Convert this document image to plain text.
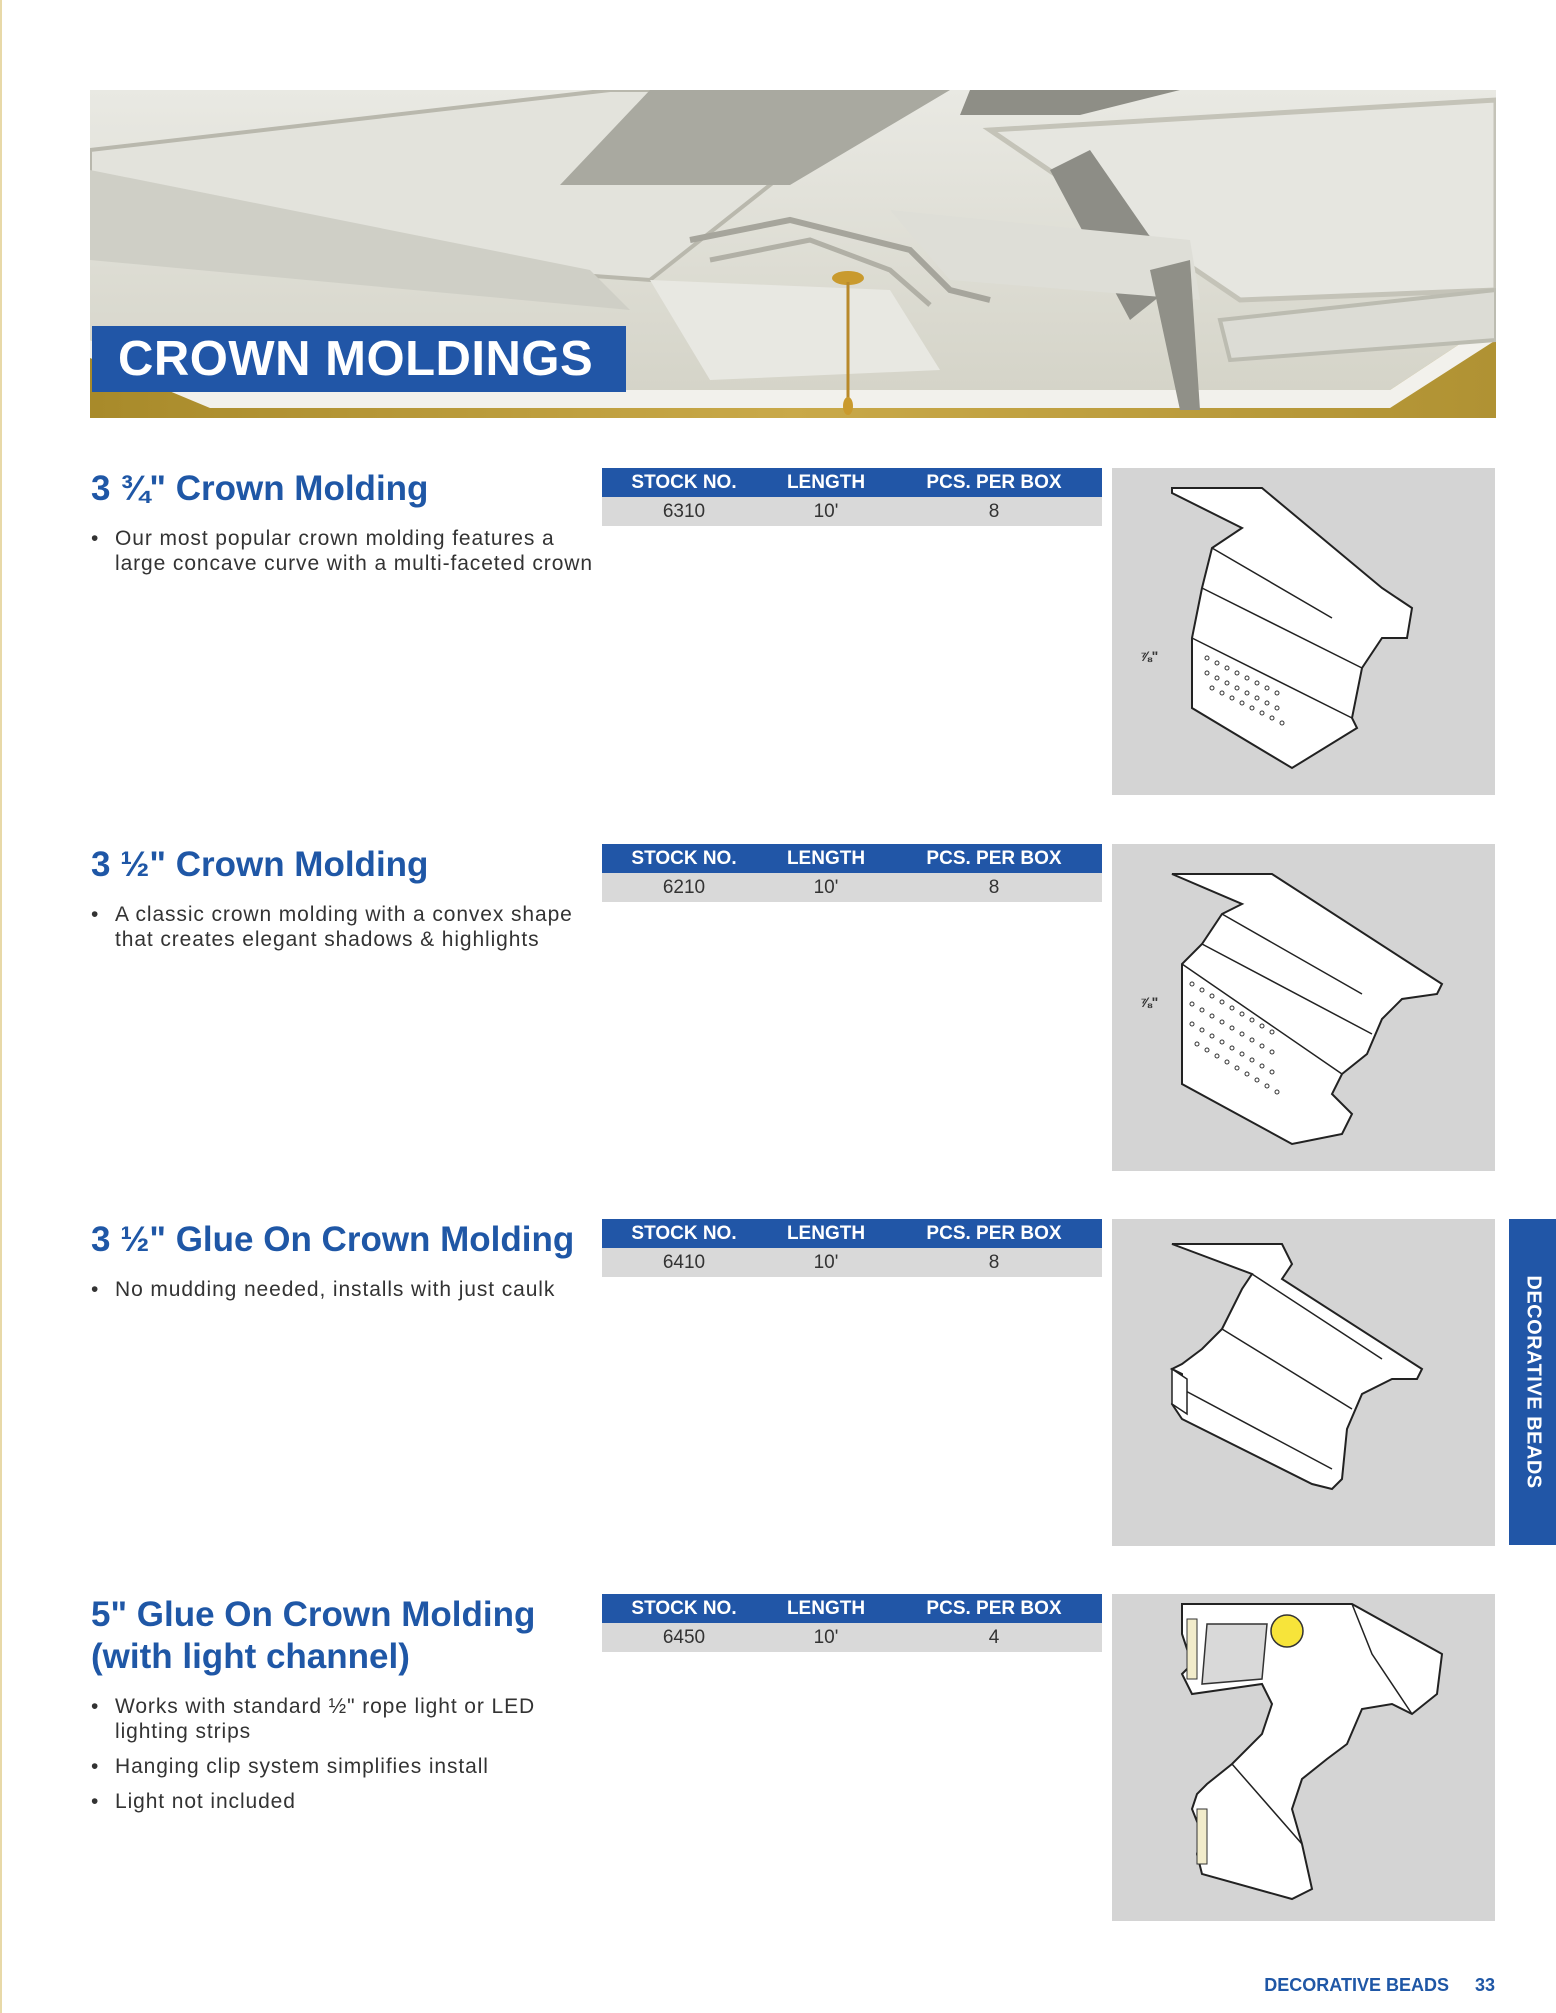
CROWN MOLDINGS
3 ¾" Crown Molding
• Our most popular crown molding features a large concave curve with a multi-faceted crown
STOCK NO.	LENGTH	PCS. PER BOX
6310	10'	8
⅞"
3 ½" Crown Molding
• A classic crown molding with a convex shape that creates elegant shadows & highlights
STOCK NO.	LENGTH	PCS. PER BOX
6210	10'	8
⅞"
3 ½" Glue On Crown Molding
• No mudding needed, installs with just caulk
STOCK NO.	LENGTH	PCS. PER BOX
6410	10'	8
5" Glue On Crown Molding (with light channel)
• Works with standard ½" rope light or LED lighting strips
• Hanging clip system simplifies install
• Light not included
STOCK NO.	LENGTH	PCS. PER BOX
6450	10'	4
DECORATIVE BEADS
DECORATIVE BEADS 33
